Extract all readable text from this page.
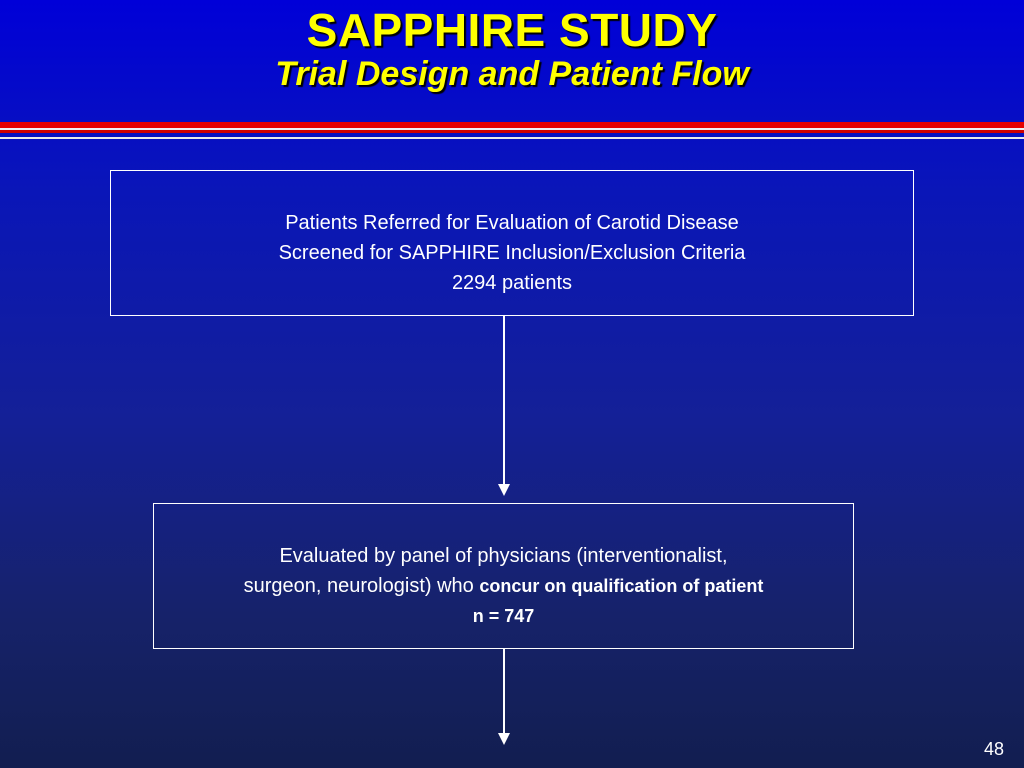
SAPPHIRE STUDY
Trial Design and Patient Flow
Patients Referred for Evaluation of Carotid Disease
Screened for SAPPHIRE Inclusion/Exclusion Criteria
2294 patients
Evaluated by panel of physicians (interventionalist,
surgeon, neurologist) who concur on qualification of patient
n = 747
48
